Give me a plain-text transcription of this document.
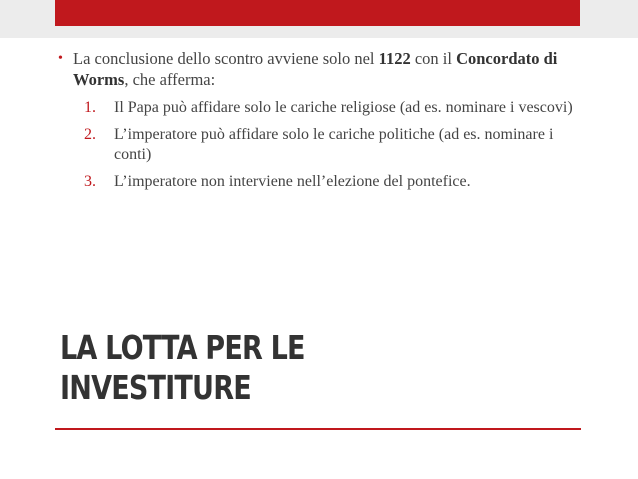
• La conclusione dello scontro avviene solo nel 1122 con il Concordato di Worms, che afferma:
1.	Il Papa può affidare solo le cariche religiose (ad es. nominare i vescovi)
2.	L’imperatore può affidare solo le cariche politiche (ad es. nominare i conti)
3.	L’imperatore non interviene nell’elezione del pontefice.
LA LOTTA PER LE
INVESTITURE
